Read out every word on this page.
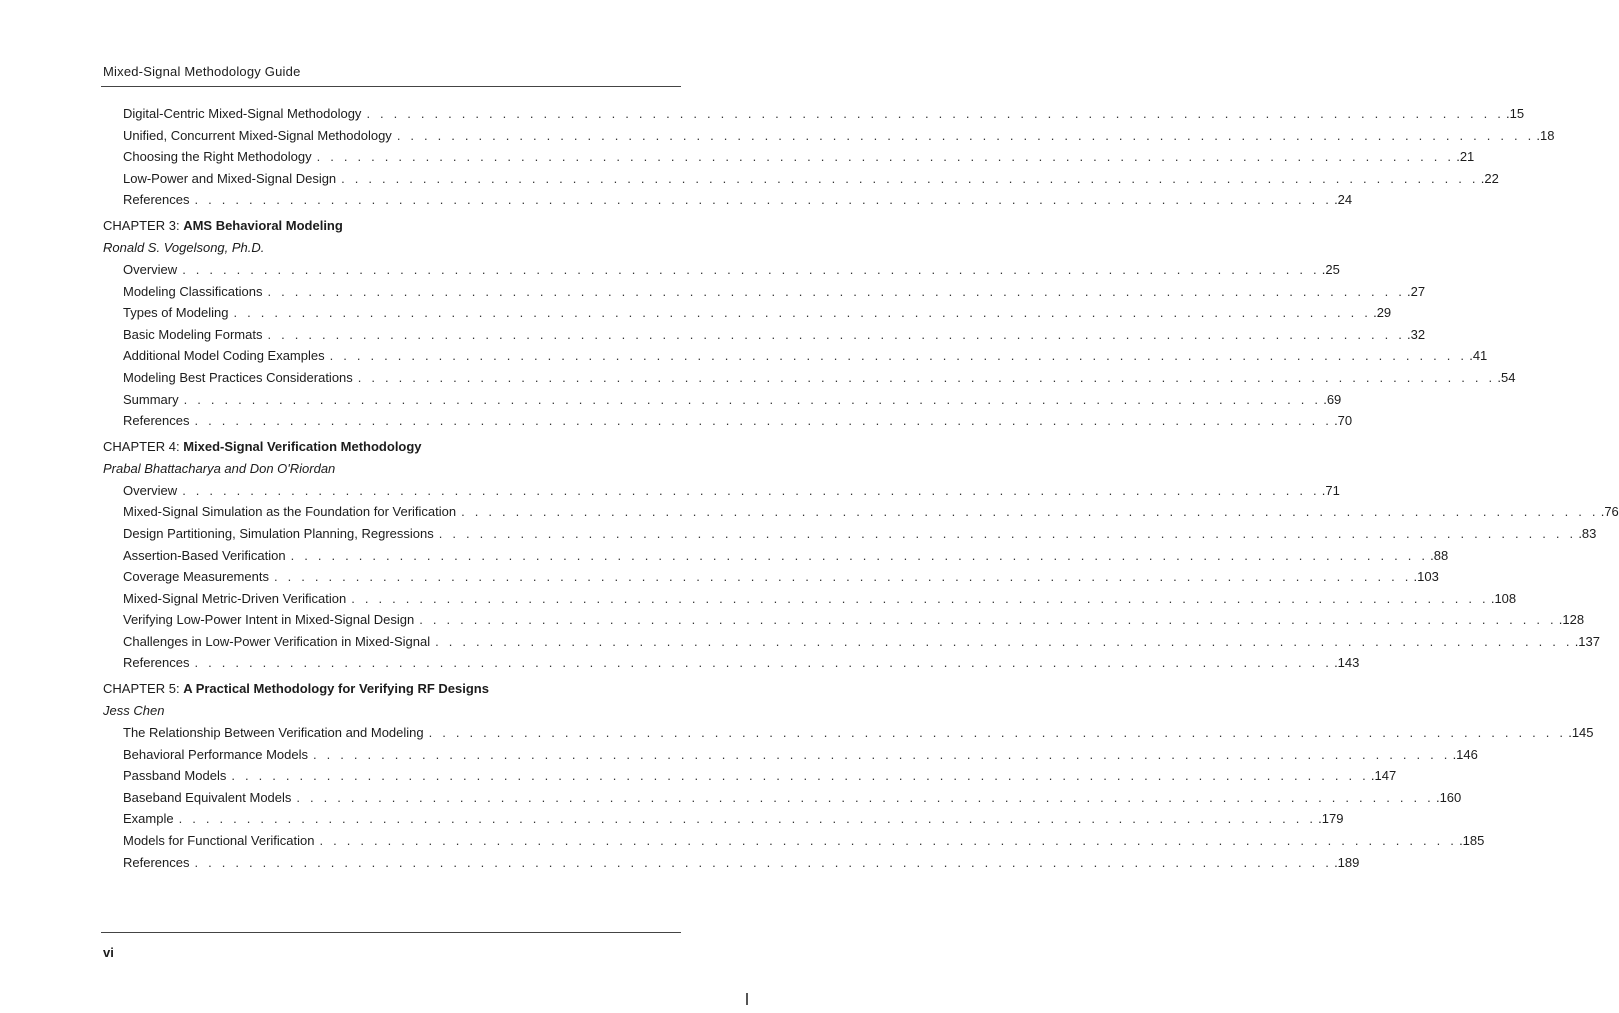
Mixed-Signal Methodology Guide
Digital-Centric Mixed-Signal Methodology . . . . . . . . . . . . . . . . . . . . . . . . . . . . . . . . . . . . . . . . . . . . . . . . . . . . . . . . . . . . . . . . . . . . . . . . . . . . . . . . . . . . .15
Unified, Concurrent Mixed-Signal Methodology . . . . . . . . . . . . . . . . . . . . . . . . . . . . . . . . . . . . . . . . . . . . . . . . . . . . . . . . . . . . . . . . . . . . . . . . . . . . . . . . . . . . .18
Choosing the Right Methodology . . . . . . . . . . . . . . . . . . . . . . . . . . . . . . . . . . . . . . . . . . . . . . . . . . . . . . . . . . . . . . . . . . . . . . . . . . . . . . . . . . . . .21
Low-Power and Mixed-Signal Design . . . . . . . . . . . . . . . . . . . . . . . . . . . . . . . . . . . . . . . . . . . . . . . . . . . . . . . . . . . . . . . . . . . . . . . . . . . . . . . . . . . . .22
References . . . . . . . . . . . . . . . . . . . . . . . . . . . . . . . . . . . . . . . . . . . . . . . . . . . . . . . . . . . . . . . . . . . . . . . . . . . . . . . . . . . . .24
CHAPTER 3: AMS Behavioral Modeling
Ronald S. Vogelsong, Ph.D.
Overview . . . . . . . . . . . . . . . . . . . . . . . . . . . . . . . . . . . . . . . . . . . . . . . . . . . . . . . . . . . . . . . . . . . . . . . . . . . . . . . . . . . . .25
Modeling Classifications . . . . . . . . . . . . . . . . . . . . . . . . . . . . . . . . . . . . . . . . . . . . . . . . . . . . . . . . . . . . . . . . . . . . . . . . . . . . . . . . . . . . .27
Types of Modeling . . . . . . . . . . . . . . . . . . . . . . . . . . . . . . . . . . . . . . . . . . . . . . . . . . . . . . . . . . . . . . . . . . . . . . . . . . . . . . . . . . . . .29
Basic Modeling Formats . . . . . . . . . . . . . . . . . . . . . . . . . . . . . . . . . . . . . . . . . . . . . . . . . . . . . . . . . . . . . . . . . . . . . . . . . . . . . . . . . . . . .32
Additional Model Coding Examples . . . . . . . . . . . . . . . . . . . . . . . . . . . . . . . . . . . . . . . . . . . . . . . . . . . . . . . . . . . . . . . . . . . . . . . . . . . . . . . . . . . . .41
Modeling Best Practices Considerations . . . . . . . . . . . . . . . . . . . . . . . . . . . . . . . . . . . . . . . . . . . . . . . . . . . . . . . . . . . . . . . . . . . . . . . . . . . . . . . . . . . . .54
Summary . . . . . . . . . . . . . . . . . . . . . . . . . . . . . . . . . . . . . . . . . . . . . . . . . . . . . . . . . . . . . . . . . . . . . . . . . . . . . . . . . . . . .69
References . . . . . . . . . . . . . . . . . . . . . . . . . . . . . . . . . . . . . . . . . . . . . . . . . . . . . . . . . . . . . . . . . . . . . . . . . . . . . . . . . . . . .70
CHAPTER 4: Mixed-Signal Verification Methodology
Prabal Bhattacharya and Don O'Riordan
Overview . . . . . . . . . . . . . . . . . . . . . . . . . . . . . . . . . . . . . . . . . . . . . . . . . . . . . . . . . . . . . . . . . . . . . . . . . . . . . . . . . . . . .71
Mixed-Signal Simulation as the Foundation for Verification . . . . . . . . . . . . . . . . . . . . . . . . . . . . . . . . . . . . . . . . . . . . . . . . . . . . . . . . . . . . . . . . . . . . . . . . . . . . . . . . . . . . .76
Design Partitioning, Simulation Planning, Regressions . . . . . . . . . . . . . . . . . . . . . . . . . . . . . . . . . . . . . . . . . . . . . . . . . . . . . . . . . . . . . . . . . . . . . . . . . . . . . . . . . . . . .83
Assertion-Based Verification . . . . . . . . . . . . . . . . . . . . . . . . . . . . . . . . . . . . . . . . . . . . . . . . . . . . . . . . . . . . . . . . . . . . . . . . . . . . . . . . . . . . .88
Coverage Measurements . . . . . . . . . . . . . . . . . . . . . . . . . . . . . . . . . . . . . . . . . . . . . . . . . . . . . . . . . . . . . . . . . . . . . . . . . . . . . . . . . . . . .103
Mixed-Signal Metric-Driven Verification . . . . . . . . . . . . . . . . . . . . . . . . . . . . . . . . . . . . . . . . . . . . . . . . . . . . . . . . . . . . . . . . . . . . . . . . . . . . . . . . . . . . .108
Verifying Low-Power Intent in Mixed-Signal Design . . . . . . . . . . . . . . . . . . . . . . . . . . . . . . . . . . . . . . . . . . . . . . . . . . . . . . . . . . . . . . . . . . . . . . . . . . . . . . . . . . . . .128
Challenges in Low-Power Verification in Mixed-Signal . . . . . . . . . . . . . . . . . . . . . . . . . . . . . . . . . . . . . . . . . . . . . . . . . . . . . . . . . . . . . . . . . . . . . . . . . . . . . . . . . . . . .137
References . . . . . . . . . . . . . . . . . . . . . . . . . . . . . . . . . . . . . . . . . . . . . . . . . . . . . . . . . . . . . . . . . . . . . . . . . . . . . . . . . . . . .143
CHAPTER 5: A Practical Methodology for Verifying RF Designs
Jess Chen
The Relationship Between Verification and Modeling . . . . . . . . . . . . . . . . . . . . . . . . . . . . . . . . . . . . . . . . . . . . . . . . . . . . . . . . . . . . . . . . . . . . . . . . . . . . . . . . . . . . .145
Behavioral Performance Models . . . . . . . . . . . . . . . . . . . . . . . . . . . . . . . . . . . . . . . . . . . . . . . . . . . . . . . . . . . . . . . . . . . . . . . . . . . . . . . . . . . . .146
Passband Models . . . . . . . . . . . . . . . . . . . . . . . . . . . . . . . . . . . . . . . . . . . . . . . . . . . . . . . . . . . . . . . . . . . . . . . . . . . . . . . . . . . . .147
Baseband Equivalent Models . . . . . . . . . . . . . . . . . . . . . . . . . . . . . . . . . . . . . . . . . . . . . . . . . . . . . . . . . . . . . . . . . . . . . . . . . . . . . . . . . . . . .160
Example . . . . . . . . . . . . . . . . . . . . . . . . . . . . . . . . . . . . . . . . . . . . . . . . . . . . . . . . . . . . . . . . . . . . . . . . . . . . . . . . . . . . .179
Models for Functional Verification . . . . . . . . . . . . . . . . . . . . . . . . . . . . . . . . . . . . . . . . . . . . . . . . . . . . . . . . . . . . . . . . . . . . . . . . . . . . . . . . . . . . .185
References . . . . . . . . . . . . . . . . . . . . . . . . . . . . . . . . . . . . . . . . . . . . . . . . . . . . . . . . . . . . . . . . . . . . . . . . . . . . . . . . . . . . .189
vi
